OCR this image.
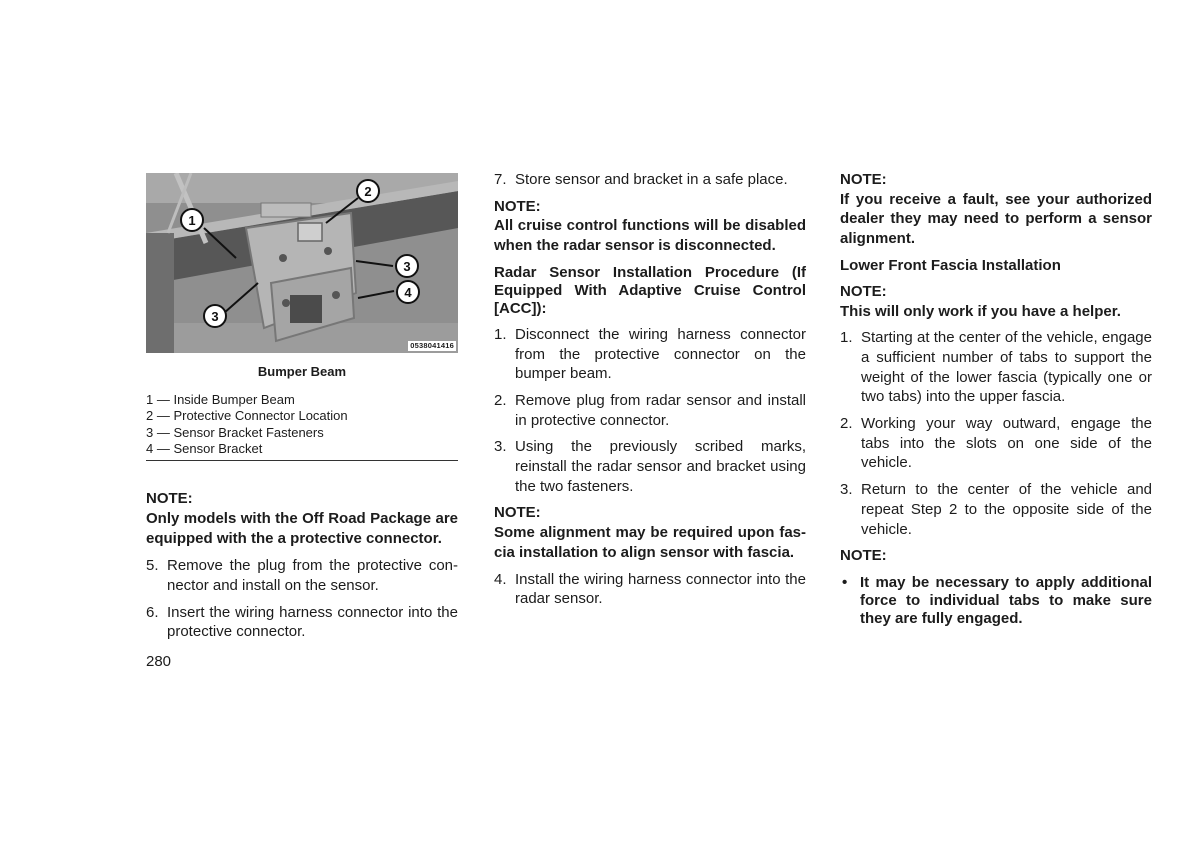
1
2
3
4
3
0538041416
Bumper Beam
1 — Inside Bumper Beam
2 — Protective Connector Location
3 — Sensor Bracket Fasteners
4 — Sensor Bracket
NOTE:
Only models with the Off Road Package are equipped with the a protective connector.
5. Remove the plug from the protective con- nector and install on the sensor.
6. Insert the wiring harness connector into the protective connector.
7. Store sensor and bracket in a safe place.
NOTE:
All cruise control functions will be disabled when the radar sensor is disconnected.
Radar Sensor Installation Procedure (If Equipped With Adaptive Cruise Control [ACC]):
1. Disconnect the wiring harness connector from the protective connector on the bumper beam.
2. Remove plug from radar sensor and install in protective connector.
3. Using the previously scribed marks, reinstall the radar sensor and bracket using the two fasteners.
NOTE:
Some alignment may be required upon fas- cia installation to align sensor with fascia.
4. Install the wiring harness connector into the radar sensor.
NOTE:
If you receive a fault, see your authorized dealer they may need to perform a sensor alignment.
Lower Front Fascia Installation
NOTE:
This will only work if you have a helper.
1. Starting at the center of the vehicle, engage a sufficient number of tabs to support the weight of the lower fascia (typically one or two tabs) into the upper fascia.
2. Working your way outward, engage the tabs into the slots on one side of the vehicle.
3. Return to the center of the vehicle and repeat Step 2 to the opposite side of the vehicle.
NOTE:
• It may be necessary to apply additional force to individual tabs to make sure they are fully engaged.
280
